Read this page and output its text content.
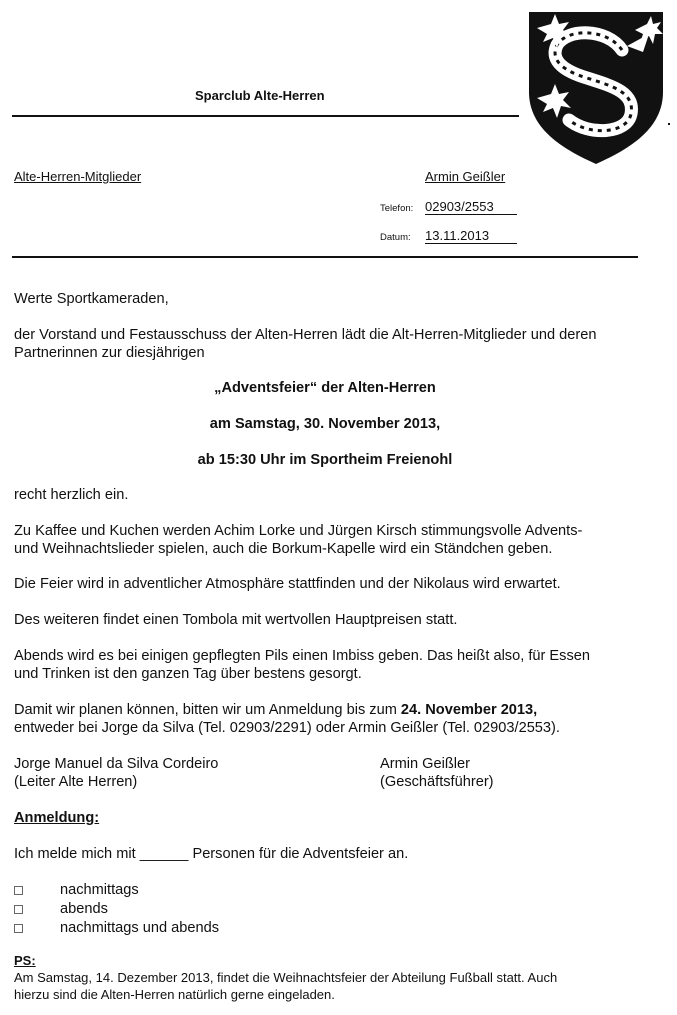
Sparclub Alte-Herren
Alte-Herren-Mitglieder	Armin Geißler
Telefon: 02903/2553
Datum: 13.11.2013
Werte Sportkameraden,
der Vorstand und Festausschuss der Alten-Herren lädt die Alt-Herren-Mitglieder und deren
Partnerinnen zur diesjährigen
„Adventsfeier“ der Alten-Herren
am Samstag, 30. November 2013,
ab 15:30 Uhr im Sportheim Freienohl
recht herzlich ein.
Zu Kaffee und Kuchen werden Achim Lorke und Jürgen Kirsch stimmungsvolle Advents-
und Weihnachtslieder spielen, auch die Borkum-Kapelle wird ein Ständchen geben.
Die Feier wird in adventlicher Atmosphäre stattfinden und der Nikolaus wird erwartet.
Des weiteren findet einen Tombola mit wertvollen Hauptpreisen statt.
Abends wird es bei einigen gepflegten Pils einen Imbiss geben. Das heißt also, für Essen
und Trinken ist den ganzen Tag über bestens gesorgt.
Damit wir planen können, bitten wir um Anmeldung bis zum 24. November 2013,
entweder bei Jorge da Silva (Tel. 02903/2291) oder Armin Geißler (Tel. 02903/2553).
Jorge Manuel da Silva Cordeiro
(Leiter Alte Herren)
Armin Geißler
(Geschäftsführer)
Anmeldung:
Ich melde mich mit ______ Personen für die Adventsfeier an.
nachmittags
abends
nachmittags und abends
PS:
Am Samstag, 14. Dezember 2013, findet die Weihnachtsfeier der Abteilung Fußball statt. Auch
hierzu sind die Alten-Herren natürlich gerne eingeladen.
